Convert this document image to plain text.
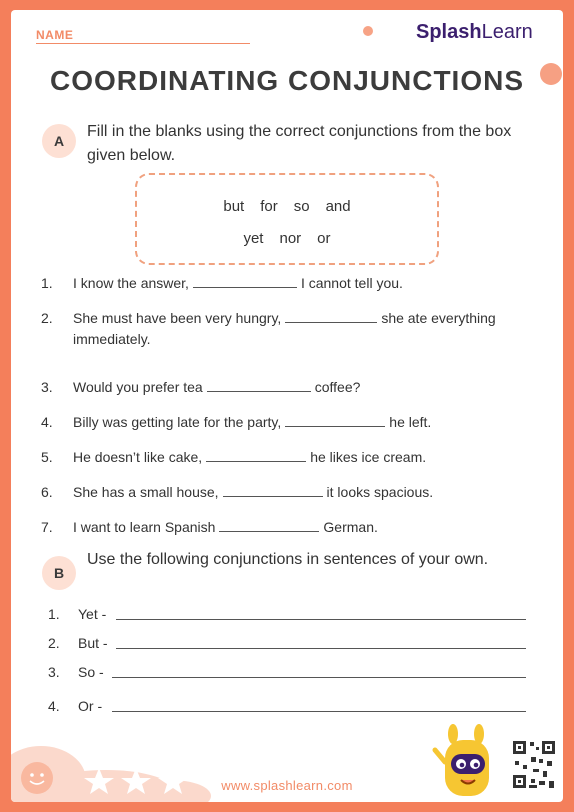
NAME	SplashLearn
COORDINATING CONJUNCTIONS
A
Fill in the blanks using the correct conjunctions from the box given below.
but for so and
yet nor or
1.	I know the answer,	I cannot tell you.
2.	She must have been very hungry,	she ate everything immediately.
3.	Would you prefer tea	coffee?
4.	Billy was getting late for the party,	he left.
5.	He doesn’t like cake,	he likes ice cream.
6.	She has a small house,	it looks spacious.
7.	I want to learn Spanish	German.
B
Use the following conjunctions in sentences of your own.
1. Yet -
2. But -
3. So -
4. Or -
www.splashlearn.com
